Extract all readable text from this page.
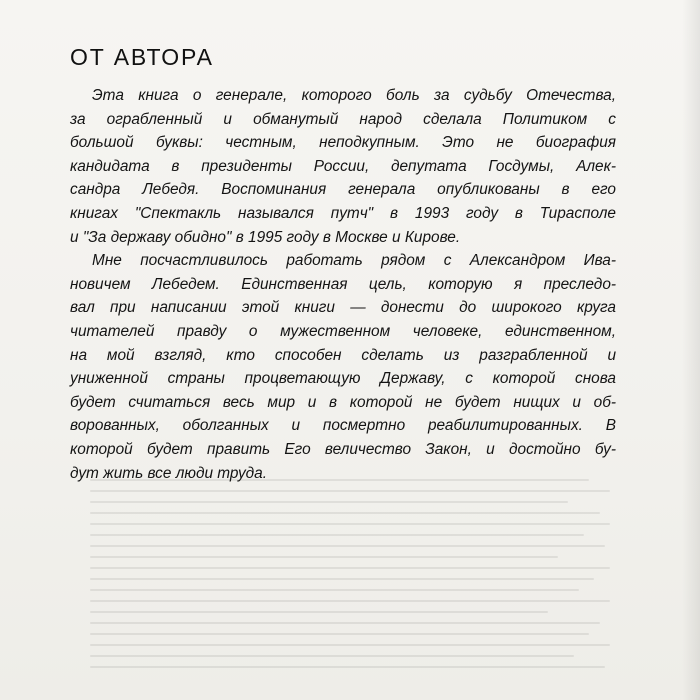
ОТ АВТОРА

Эта книга о генерале, которого боль за судьбу Отечества,
за ограбленный и обманутый народ сделала Политиком с
большой буквы: честным, неподкупным. Это не биография
кандидата в президенты России, депутата Госдумы, Алек-
сандра Лебедя. Воспоминания генерала опубликованы в его
книгах "Спектакль назывался путч" в 1993 году в Тирасполе
и "За державу обидно" в 1995 году в Москве и Кирове.

Мне посчастливилось работать рядом с Александром Ива-
новичем Лебедем. Единственная цель, которую я преследо-
вал при написании этой книги — донести до широкого круга
читателей правду о мужественном человеке, единственном,
на мой взгляд, кто способен сделать из разграбленной и
униженной страны процветающую Державу, с которой снова
будет считаться весь мир и в которой не будет нищих и об-
ворованных, оболганных и посмертно реабилитированных. В
которой будет править Его величество Закон, и достойно бу-
дут жить все люди труда.
